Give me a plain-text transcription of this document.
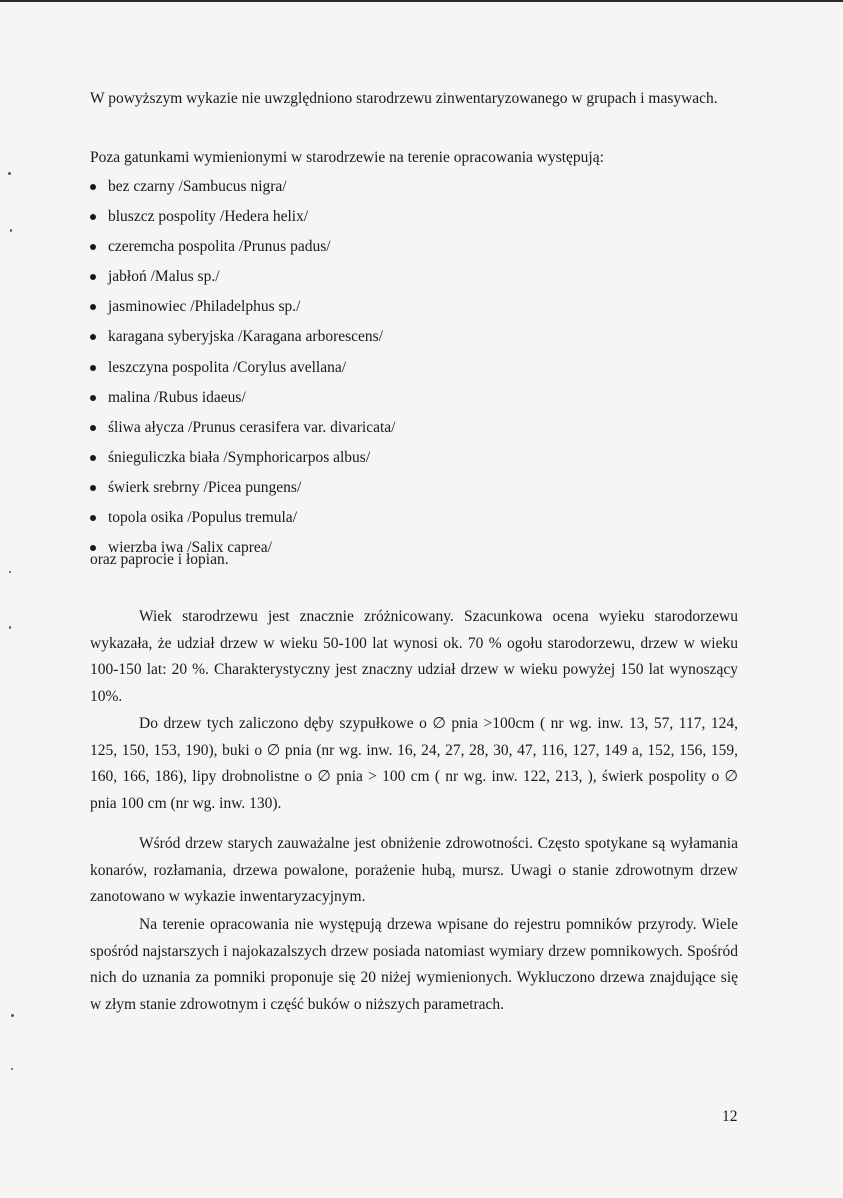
W powyższym wykazie nie uwzględniono starodrzewu zinwentaryzowanego w grupach i masywach.
Poza gatunkami wymienionymi w starodrzewie na terenie opracowania występują:
bez czarny /Sambucus nigra/
bluszcz pospolity /Hedera helix/
czeremcha pospolita /Prunus padus/
jabłoń /Malus sp./
jasminowiec /Philadelphus sp./
karagana syberyjska /Karagana arborescens/
leszczyna pospolita /Corylus avellana/
malina /Rubus idaeus/
śliwa ałycza /Prunus cerasifera var. divaricata/
śnieguliczka biała /Symphoricarpos albus/
świerk srebrny /Picea pungens/
topola osika /Populus tremula/
wierzba iwa /Salix caprea/
oraz paprocie i łopian.

Wiek starodrzewu jest znacznie zróżnicowany. Szacunkowa ocena wyieku starodorzewu wykazała, że udział drzew w wieku 50-100 lat wynosi ok. 70 % ogołu starodorzewu, drzew w wieku 100-150 lat: 20 %. Charakterystyczny jest znaczny udział drzew w wieku powyżej 150 lat wynoszący 10%.

Do drzew tych zaliczono dęby szypułkowe o ∅ pnia >100cm ( nr wg. inw. 13, 57, 117, 124, 125, 150, 153, 190), buki o ∅ pnia (nr wg. inw. 16, 24, 27, 28, 30, 47, 116, 127, 149 a, 152, 156, 159, 160, 166, 186), lipy drobnolistne o ∅ pnia > 100 cm ( nr wg. inw. 122, 213, ), świerk pospolity o ∅ pnia 100 cm (nr wg. inw. 130).

Wśród drzew starych zauważalne jest obniżenie zdrowotności. Często spotykane są wyłamania konarów, rozłamania, drzewa powalone, porażenie hubą, mursz. Uwagi o stanie zdrowotnym drzew zanotowano w wykazie inwentaryzacyjnym.

Na terenie opracowania nie występują drzewa wpisane do rejestru pomników przyrody. Wiele spośród najstarszych i najokazalszych drzew posiada natomiast wymiary drzew pomnikowych. Spośród nich do uznania za pomniki proponuje się 20 niżej wymienionych. Wykluczono drzewa znajdujące się w złym stanie zdrowotnym i część buków o niższych parametrach.

12
